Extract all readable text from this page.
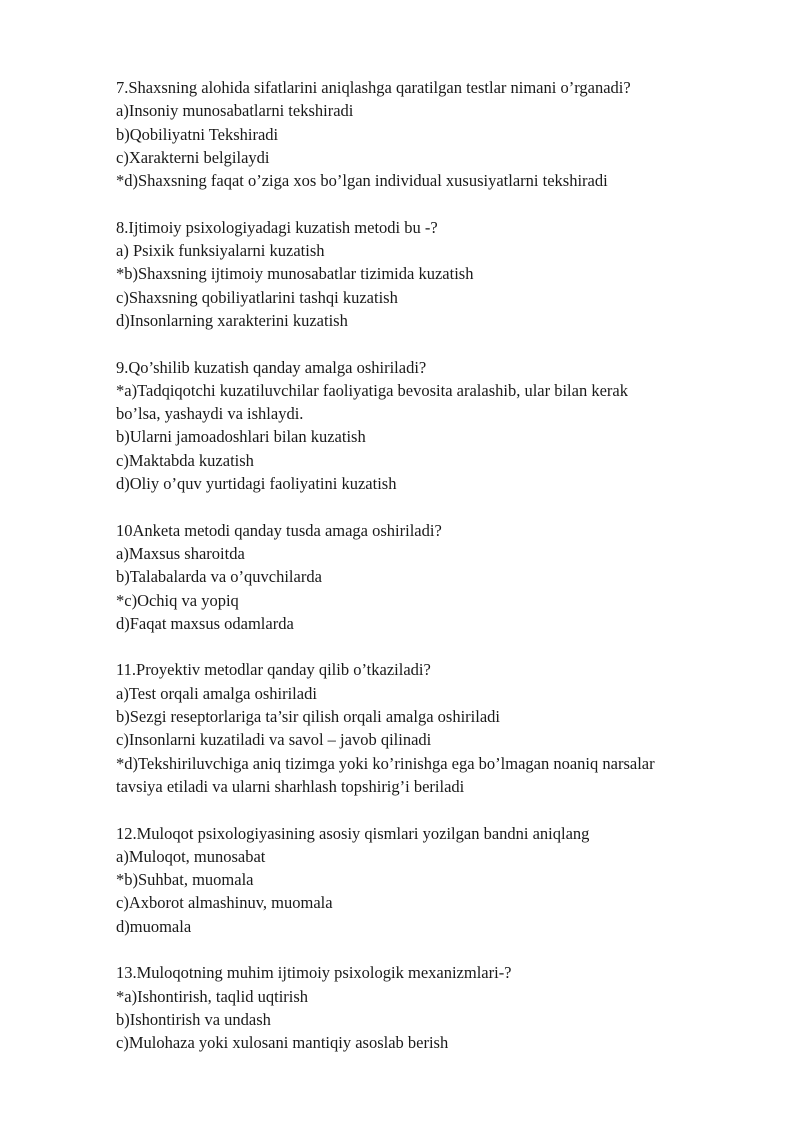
7.Shaxsning alohida sifatlarini aniqlashga qaratilgan testlar nimani o’rganadi?
a)Insoniy munosabatlarni tekshiradi
b)Qobiliyatni Tekshiradi
c)Xarakterni belgilaydi
*d)Shaxsning faqat o’ziga xos bo’lgan individual xususiyatlarni tekshiradi
8.Ijtimoiy psixologiyadagi kuzatish metodi bu -?
a) Psixik funksiyalarni kuzatish
*b)Shaxsning ijtimoiy munosabatlar tizimida kuzatish
c)Shaxsning qobiliyatlarini tashqi kuzatish
d)Insonlarning xarakterini kuzatish
9.Qo’shilib kuzatish qanday amalga oshiriladi?
*a)Tadqiqotchi kuzatiluvchilar faoliyatiga bevosita aralashib, ular bilan kerak
bo’lsa, yashaydi va ishlaydi.
b)Ularni jamoadoshlari bilan kuzatish
c)Maktabda kuzatish
d)Oliy o’quv yurtidagi faoliyatini kuzatish
10Anketa metodi qanday tusda amaga oshiriladi?
a)Maxsus sharoitda
b)Talabalarda va o’quvchilarda
*c)Ochiq va yopiq
d)Faqat maxsus odamlarda
11.Proyektiv metodlar qanday qilib o’tkaziladi?
a)Test orqali amalga oshiriladi
b)Sezgi reseptorlariga ta’sir qilish orqali amalga oshiriladi
c)Insonlarni kuzatiladi va savol – javob qilinadi
*d)Tekshiriluvchiga aniq tizimga yoki ko’rinishga ega bo’lmagan noaniq narsalar
tavsiya etiladi va ularni sharhlash topshirig’i beriladi
12.Muloqot psixologiyasining asosiy qismlari yozilgan bandni aniqlang
a)Muloqot, munosabat
*b)Suhbat, muomala
c)Axborot almashinuv, muomala
d)muomala
13.Muloqotning muhim ijtimoiy psixologik mexanizmlari-?
*a)Ishontirish, taqlid uqtirish
b)Ishontirish va undash
c)Mulohaza yoki xulosani mantiqiy asoslab berish
